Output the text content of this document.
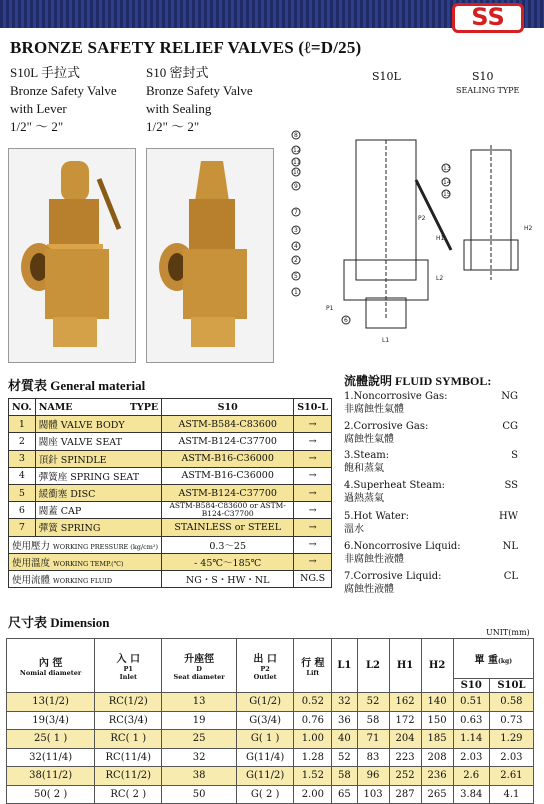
SS
BRONZE SAFETY RELIEF VALVES (ℓ=D/25)
S10L 手拉式
Bronze Safety Valve
with Lever
1/2" ～ 2"
S10 密封式
Bronze Safety Valve
with Sealing
1/2" ～ 2"
S10L	S10
SEALING TYPE
8
12
11
10
9
7
3
4
2
5
1
13
14
15
6
P2
H1
L2
P1
L1
H2
材質表 General material
NO.	NAME TYPE	S10	S10-L
1	閥體 VALVE BODY	ASTM-B584-C83600	→
2	閥座 VALVE SEAT	ASTM-B124-C37700	→
3	頂針 SPINDLE	ASTM-B16-C36000	→
4	彈簧座 SPRING SEAT	ASTM-B16-C36000	→
5	緩衝塞 DISC	ASTM-B124-C37700	→
6	閥蓋 CAP	ASTM-B584-C83600 or ASTM-B124-C37700	→
7	彈簧 SPRING	STAINLESS or STEEL	→
使用壓力 WORKING PRESSURE (kg/cm²)		0.3～25	→
使用溫度 WORKING TEMP.(℃)		- 45℃～185℃	→
使用流體 WORKING FLUID		NG・S・HW・NL	NG.S
流體說明 FLUID SYMBOL:
1.Noncorrosive Gas:
非腐蝕性氣體
NG
2.Corrosive Gas:
腐蝕性氣體
CG
3.Steam:
飽和蒸氣
S
4.Superheat Steam:
過熱蒸氣
SS
5.Hot Water:
溫水
HW
6.Noncorrosive Liquid:
非腐蝕性液體
NL
7.Corrosive Liquid:
腐蝕性液體
CL
尺寸表 Dimension
UNIT(mm)
內 徑
Nomial diameter	入 口
P1
Inlet	升座徑
D
Seat diameter	出 口
P2
Outlet	行 程
Lift	L1	L2	H1	H2	單 重(kg)	
									S10	S10L
13(1/2)	RC(1/2)	13	G(1/2)	0.52	32	52	162	140	0.51	0.58
19(3/4)	RC(3/4)	19	G(3/4)	0.76	36	58	172	150	0.63	0.73
25( 1 )	RC( 1 )	25	G( 1 )	1.00	40	71	204	185	1.14	1.29
32(11/4)	RC(11/4)	32	G(11/4)	1.28	52	83	223	208	2.03	2.03
38(11/2)	RC(11/2)	38	G(11/2)	1.52	58	96	252	236	2.6	2.61
50( 2 )	RC( 2 )	50	G( 2 )	2.00	65	103	287	265	3.84	4.1
